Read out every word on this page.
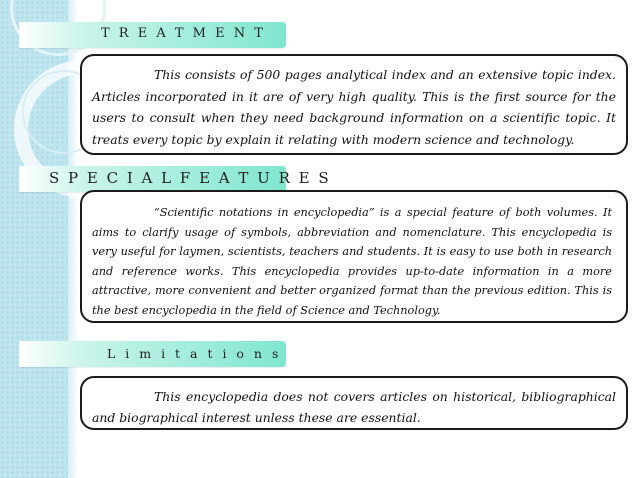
T R E A T M E N T

This consists of 500 pages analytical index and an extensive topic index. Articles incorporated in it are of very high quality. This is the first source for the users to consult when they need background information on a scientific topic. It treats every topic by explain it relating with modern science and technology.

S P E C I A L F E A T U R E S

“Scientific notations in encyclopedia” is a special feature of both volumes. It aims to clarify usage of symbols, abbreviation and nomenclature. This encyclopedia is very useful for laymen, scientists, teachers and students. It is easy to use both in research and reference works. This encyclopedia provides up-to-date information in a more attractive, more convenient and better organized format than the previous edition. This is the best encyclopedia in the field of Science and Technology.

L i m i t a t i o n s

This encyclopedia does not covers articles on historical, bibliographical and biographical interest unless these are essential.
